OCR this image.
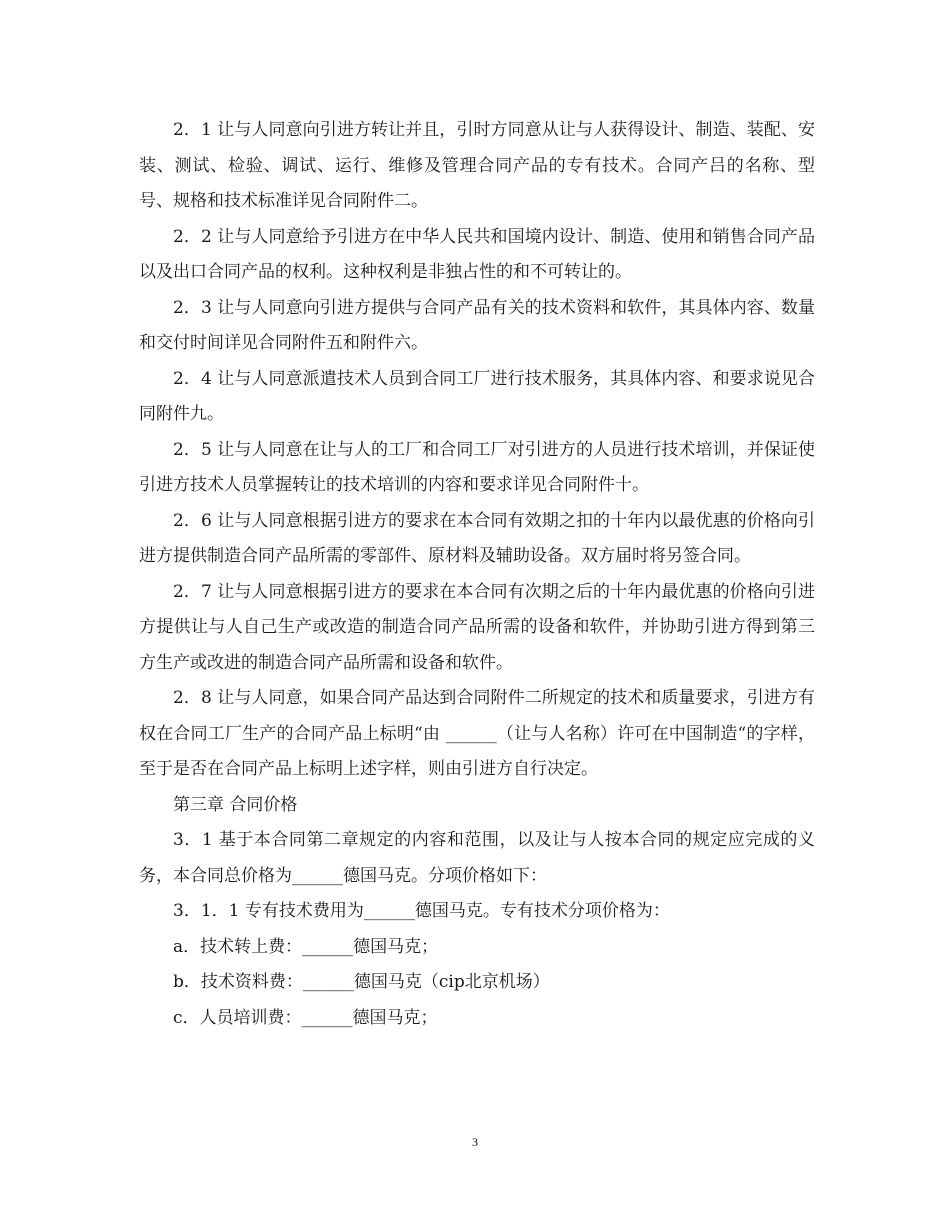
2．1 让与人同意向引进方转让并且，引时方同意从让与人获得设计、制造、装配、安装、测试、检验、调试、运行、维修及管理合同产品的专有技术。合同产吕的名称、型号、规格和技术标准详见合同附件二。

2．2 让与人同意给予引进方在中华人民共和国境内设计、制造、使用和销售合同产品以及出口合同产品的权利。这种权利是非独占性的和不可转让的。

2．3 让与人同意向引进方提供与合同产品有关的技术资料和软件，其具体内容、数量和交付时间详见合同附件五和附件六。

2．4 让与人同意派遣技术人员到合同工厂进行技术服务，其具体内容、和要求说见合同附件九。

2．5 让与人同意在让与人的工厂和合同工厂对引进方的人员进行技术培训，并保证使引进方技术人员掌握转让的技术培训的内容和要求详见合同附件十。

2．6 让与人同意根据引进方的要求在本合同有效期之扣的十年内以最优惠的价格向引进方提供制造合同产品所需的零部件、原材料及辅助设备。双方届时将另签合同。

2．7 让与人同意根据引进方的要求在本合同有次期之后的十年内最优惠的价格向引进方提供让与人自己生产或改造的制造合同产品所需的设备和软件，并协助引进方得到第三方生产或改进的制造合同产品所需和设备和软件。

2．8 让与人同意，如果合同产品达到合同附件二所规定的技术和质量要求，引进方有权在合同工厂生产的合同产品上标明“由 ______（让与人名称）许可在中国制造“的字样，至于是否在合同产品上标明上述字样，则由引进方自行决定。

第三章 合同价格

3．1 基于本合同第二章规定的内容和范围，以及让与人按本合同的规定应完成的义务，本合同总价格为______德国马克。分项价格如下：

3．1．1 专有技术费用为______德国马克。专有技术分项价格为：

a．技术转上费：______德国马克；

b．技术资料费：______德国马克（cip北京机场）

c．人员培训费：______德国马克；

3
